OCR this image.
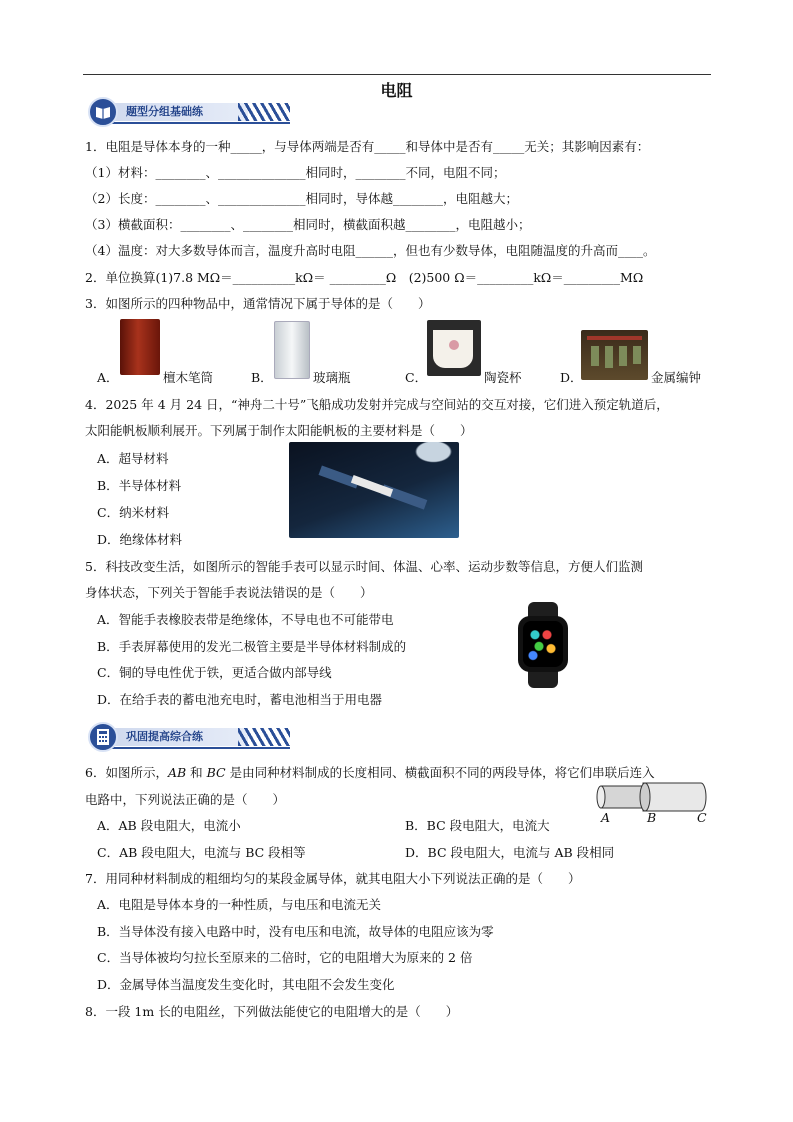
电阻
题型分组基础练
1．电阻是导体本身的一种_____，与导体两端是否有_____和导体中是否有_____无关；其影响因素有：
（1）材料：________、______________相同时，________不同，电阻不同；
（2）长度：________、______________相同时，导体越________，电阻越大；
（3）横截面积：________、________相同时，横截面积越________，电阻越小；
（4）温度：对大多数导体而言，温度升高时电阻______，但也有少数导体，电阻随温度的升高而____。
2．单位换算(1)7.8 MΩ＝__________kΩ＝ _________Ω　(2)500 Ω＝_________kΩ＝_________MΩ
3．如图所示的四种物品中，通常情况下属于导体的是（　　）
A．	檀木笔筒	B．	玻璃瓶	C．	陶瓷杯	D．	金属编钟
4．2025 年 4 月 24 日，“神舟二十号”飞船成功发射并完成与空间站的交互对接，它们进入预定轨道后，
太阳能帆板顺利展开。下列属于制作太阳能帆板的主要材料是（　　）
A．超导材料
B．半导体材料
C．纳米材料
D．绝缘体材料
5．科技改变生活，如图所示的智能手表可以显示时间、体温、心率、运动步数等信息，方便人们监测
身体状态，下列关于智能手表说法错误的是（　　）
A．智能手表橡胶表带是绝缘体，不导电也不可能带电
B．手表屏幕使用的发光二极管主要是半导体材料制成的
C．铜的导电性优于铁，更适合做内部导线
D．在给手表的蓄电池充电时，蓄电池相当于用电器
巩固提高综合练
6．如图所示，AB 和 BC 是由同种材料制成的长度相同、横截面积不同的两段导体，将它们串联后连入
电路中，下列说法正确的是（　　）
A．AB 段电阻大，电流小	B．BC 段电阻大，电流大
C．AB 段电阻大，电流与 BC 段相等	D．BC 段电阻大，电流与 AB 段相同
A	B	C
7．用同种材料制成的粗细均匀的某段金属导体，就其电阻大小下列说法正确的是（　　）
A．电阻是导体本身的一种性质，与电压和电流无关
B．当导体没有接入电路中时，没有电压和电流，故导体的电阻应该为零
C．当导体被均匀拉长至原来的二倍时，它的电阻增大为原来的 2 倍
D．金属导体当温度发生变化时，其电阻不会发生变化
8．一段 1m 长的电阻丝，下列做法能使它的电阻增大的是（　　）
